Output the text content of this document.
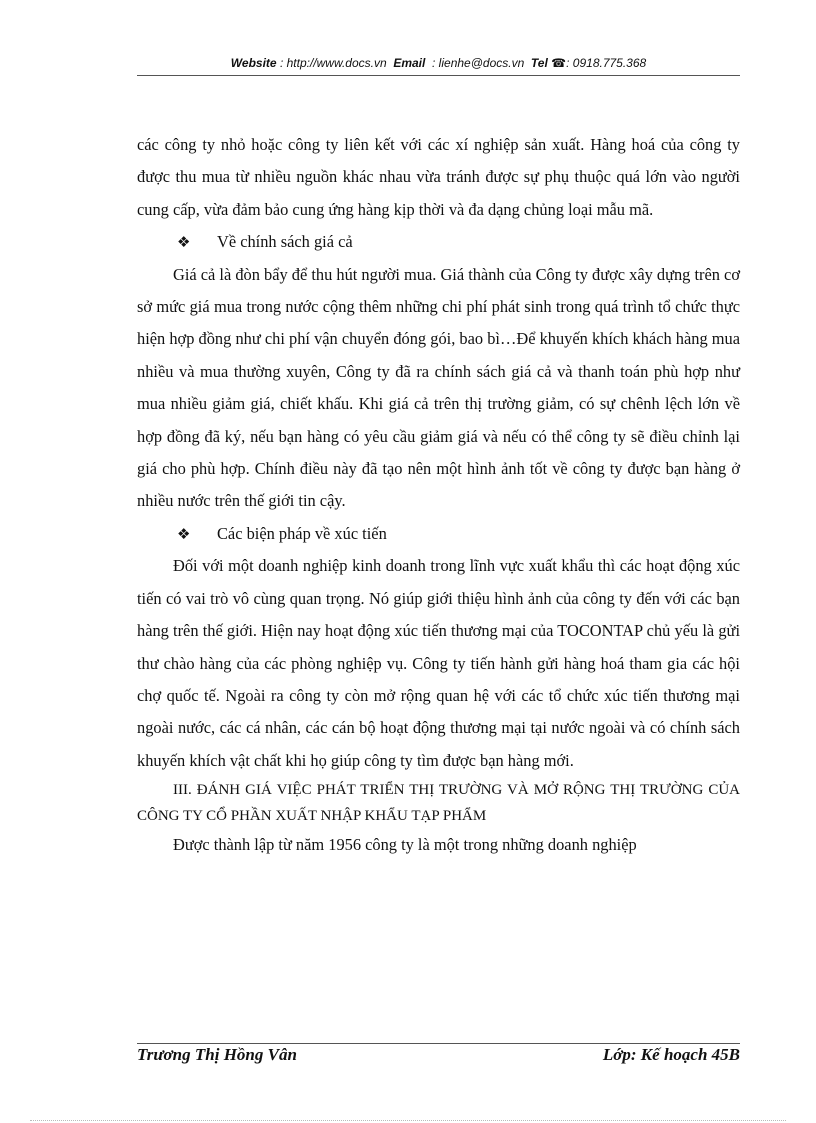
Website : http://www.docs.vn Email : lienhe@docs.vn Tel ☎: 0918.775.368

các công ty nhỏ hoặc công ty liên kết với các xí nghiệp sản xuất. Hàng hoá của công ty được thu mua từ nhiều nguồn khác nhau vừa tránh được sự phụ thuộc quá lớn vào người cung cấp, vừa đảm bảo cung ứng hàng kịp thời và đa dạng chủng loại mẫu mã.

❖ Về chính sách giá cả

Giá cả là đòn bẩy để thu hút người mua. Giá thành của Công ty được xây dựng trên cơ sở mức giá mua trong nước cộng thêm những chi phí phát sinh trong quá trình tổ chức thực hiện hợp đồng như chi phí vận chuyển đóng gói, bao bì…Để khuyến khích khách hàng mua nhiều và mua thường xuyên, Công ty đã ra chính sách giá cả và thanh toán phù hợp như mua nhiều giảm giá, chiết khấu. Khi giá cả trên thị trường giảm, có sự chênh lệch lớn về hợp đồng đã ký, nếu bạn hàng có yêu cầu giảm giá và nếu có thể công ty sẽ điều chỉnh lại giá cho phù hợp. Chính điều này đã tạo nên một hình ảnh tốt về công ty được bạn hàng ở nhiều nước trên thế giới tin cậy.

❖ Các biện pháp về xúc tiến

Đối với một doanh nghiệp kinh doanh trong lĩnh vực xuất khẩu thì các hoạt động xúc tiến có vai trò vô cùng quan trọng. Nó giúp giới thiệu hình ảnh của công ty đến với các bạn hàng trên thế giới. Hiện nay hoạt động xúc tiến thương mại của TOCONTAP chủ yếu là gửi thư chào hàng của các phòng nghiệp vụ. Công ty tiến hành gửi hàng hoá tham gia các hội chợ quốc tế. Ngoài ra công ty còn mở rộng quan hệ với các tổ chức xúc tiến thương mại ngoài nước, các cá nhân, các cán bộ hoạt động thương mại tại nước ngoài và có chính sách khuyến khích vật chất khi họ giúp công ty tìm được bạn hàng mới.

III. ĐÁNH GIÁ VIỆC PHÁT TRIỂN THỊ TRƯỜNG VÀ MỞ RỘNG THỊ TRƯỜNG CỦA CÔNG TY CỔ PHẦN XUẤT NHẬP KHẨU TẠP PHẨM

Được thành lập từ năm 1956 công ty là một trong những doanh nghiệp

Trương Thị Hồng Vân	Lớp: Kế hoạch 45B
